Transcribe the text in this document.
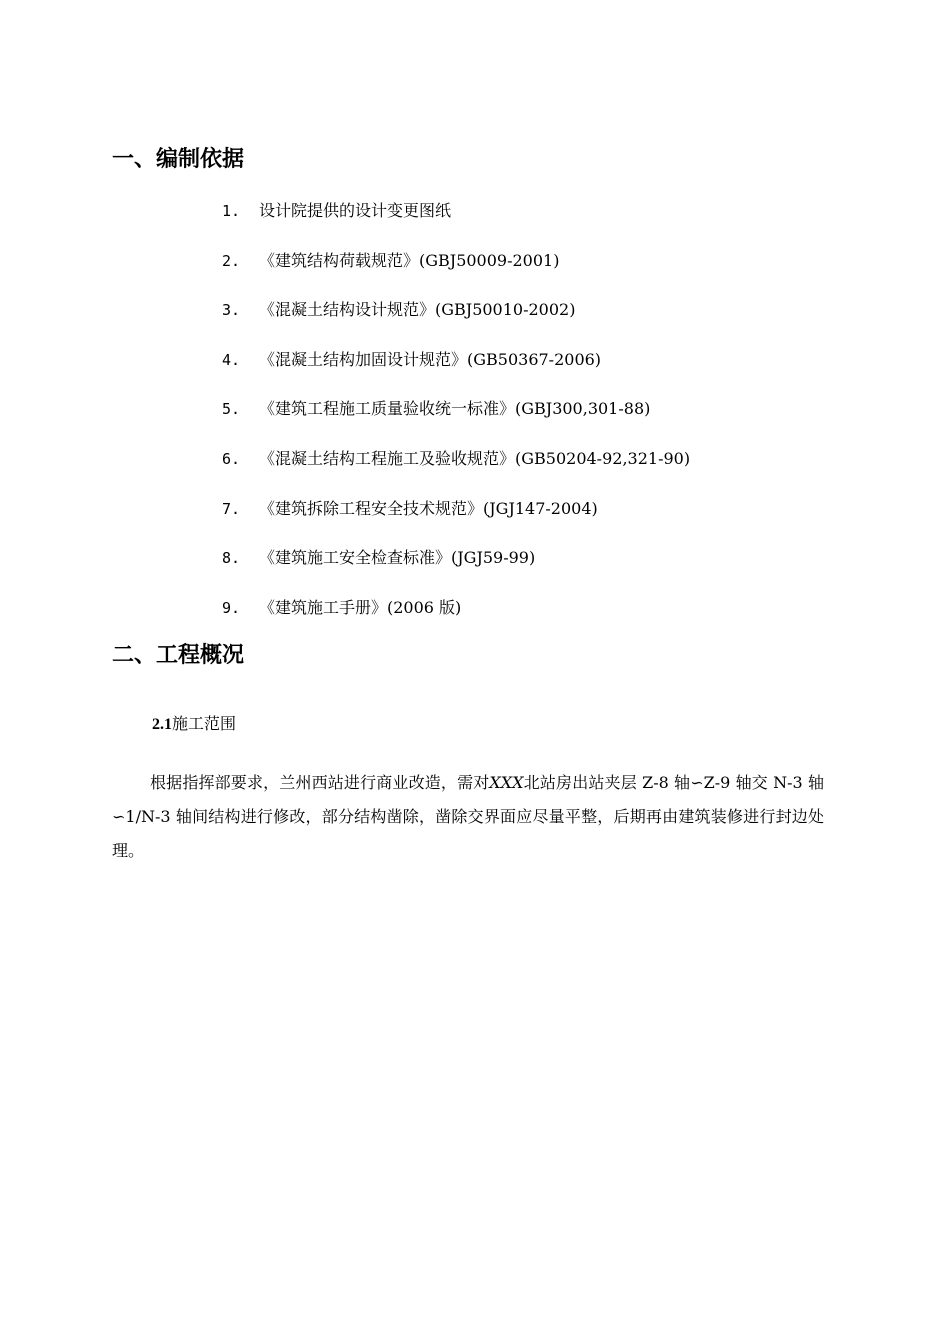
一、编制依据
1.	设计院提供的设计变更图纸
2.	《建筑结构荷载规范》(GBJ50009-2001)
3.	《混凝土结构设计规范》(GBJ50010-2002)
4.	《混凝土结构加固设计规范》(GB50367-2006)
5.	《建筑工程施工质量验收统一标准》(GBJ300,301-88)
6.	《混凝土结构工程施工及验收规范》(GB50204-92,321-90)
7.	《建筑拆除工程安全技术规范》(JGJ147-2004)
8.	《建筑施工安全检查标准》(JGJ59-99)
9.	《建筑施工手册》(2006 版)
二、工程概况

2.1施工范围

根据指挥部要求，兰州西站进行商业改造，需对XXX北站房出站夹层 Z-8 轴∽Z-9 轴交 N-3 轴∽1/N-3 轴间结构进行修改，部分结构凿除，凿除交界面应尽量平整，后期再由建筑装修进行封边处理。
